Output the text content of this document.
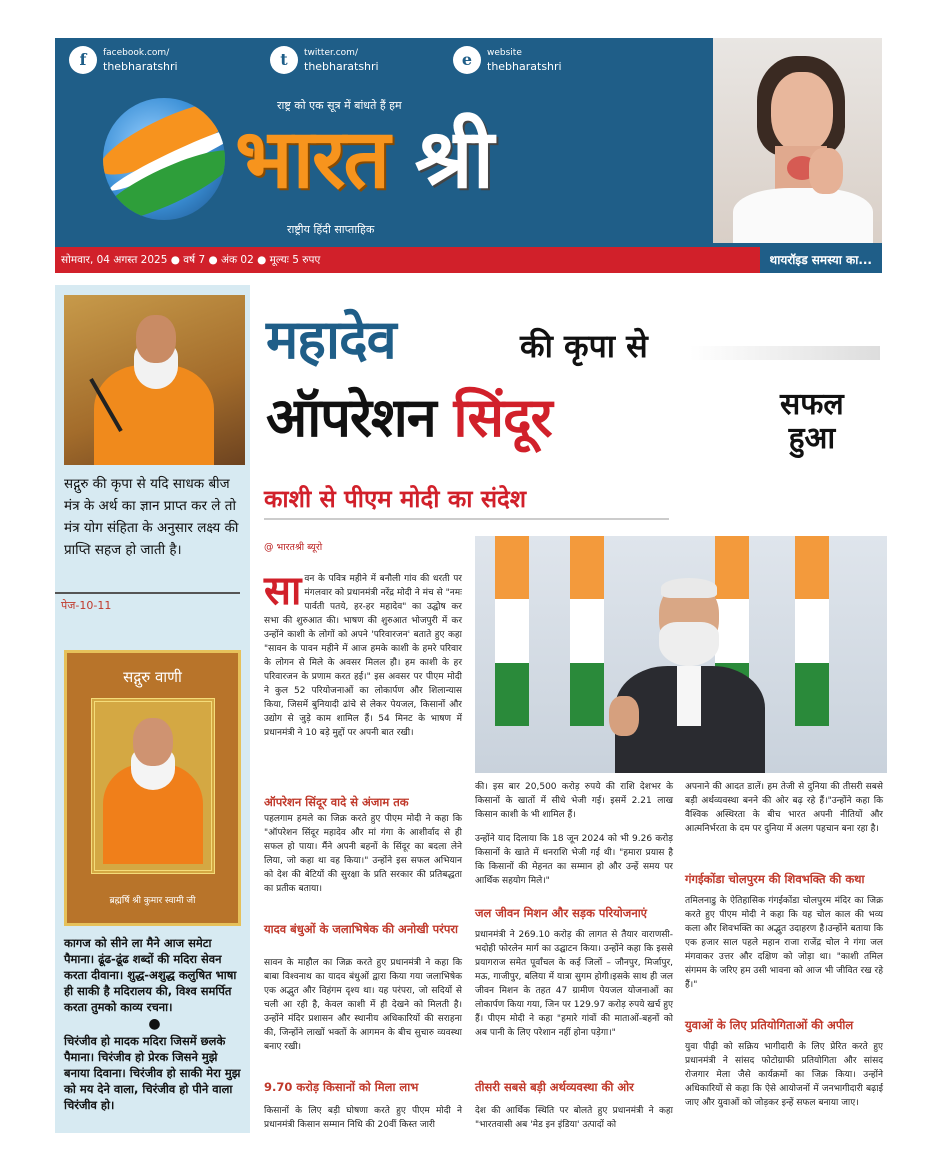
f	facebook.com/
thebharatshri	t	twitter.com/
thebharatshri	e	website
thebharatshri
राष्ट्र को एक सूत्र में बांधते हैं हम
भारत श्री
राष्ट्रीय हिंदी साप्ताहिक
सोमवार, 04 अगस्त 2025 ● वर्ष 7 ● अंक 02 ● मूल्यः 5 रुपए	थायरॉइड समस्या का...
सद्गुरु की कृपा से यदि साधक बीज मंत्र के अर्थ का ज्ञान प्राप्त कर ले तो मंत्र योग संहिता के अनुसार लक्ष्य की प्राप्ति सहज हो जाती है।
पेज-10-11
सद्गुरु वाणी
ब्रह्मर्षि श्री कुमार स्वामी जी
कागज को सीने ला मैने आज समेटा पैमाना। ढूंढ-ढूंढ शब्दों की मदिरा सेवन करता दीवाना। शुद्ध-अशुद्ध कलुषित भाषा ही साकी है मदिरालय की, विश्व समर्पित करता तुमको काव्य रचना।
●
चिरंजीव हो मादक मदिरा जिसमें छलके पैमाना। चिरंजीव हो प्रेरक जिसने मुझे बनाया दिवाना। चिरंजीव हो साकी मेरा मुझ को मय देने वाला, चिरंजीव हो पीने वाला चिरंजीव हो।
महादेव	की कृपा से
ऑपरेशन सिंदूर	सफल
हुआ
काशी से पीएम मोदी का संदेश
@ भारतश्री ब्यूरो
सावन के पवित्र महीने में बनौली गांव की धरती पर मंगलवार को प्रधानमंत्री नरेंद्र मोदी ने मंच से "नमः पार्वती पतये, हर-हर महादेव" का उद्घोष कर सभा की शुरुआत की। भाषण की शुरुआत भोजपुरी में कर उन्होंने काशी के लोगों को अपने 'परिवारजन' बताते हुए कहा "सावन के पावन महीने में आज हमके काशी के हमरे परिवार के लोगन से मिले के अवसर मिलल हौ। हम काशी के हर परिवारजन के प्रणाम करत हई।" इस अवसर पर पीएम मोदी ने कुल 52 परियोजनाओं का लोकार्पण और शिलान्यास किया, जिसमें बुनियादी ढांचे से लेकर पेयजल, किसानों और उद्योग से जुड़े काम शामिल हैं। 54 मिनट के भाषण में प्रधानमंत्री ने 10 बड़े मुद्दों पर अपनी बात रखी।
ऑपरेशन सिंदूर वादे से अंजाम तक
पहलगाम हमले का जिक्र करते हुए पीएम मोदी ने कहा कि "ऑपरेशन सिंदूर महादेव और मां गंगा के आशीर्वाद से ही सफल हो पाया। मैंने अपनी बहनों के सिंदूर का बदला लेने लिया, जो कहा था वह किया।" उन्होंने इस सफल अभियान को देश की बेटियों की सुरक्षा के प्रति सरकार की प्रतिबद्धता का प्रतीक बताया।
यादव बंधुओं के जलाभिषेक की अनोखी परंपरा
सावन के माहौल का जिक्र करते हुए प्रधानमंत्री ने कहा कि बाबा विश्वनाथ का यादव बंधुओं द्वारा किया गया जलाभिषेक एक अद्भुत और विहंगम दृश्य था। यह परंपरा, जो सदियों से चली आ रही है, केवल काशी में ही देखने को मिलती है। उन्होंने मंदिर प्रशासन और स्थानीय अधिकारियों की सराहना की, जिन्होंने लाखों भक्तों के आगमन के बीच सुचारु व्यवस्था बनाए रखी।
9.70 करोड़ किसानों को मिला लाभ
किसानों के लिए बड़ी घोषणा करते हुए पीएम मोदी ने प्रधानमंत्री किसान सम्मान निधि की 20वीं किस्त जारी
की। इस बार 20,500 करोड़ रुपये की राशि देशभर के किसानों के खातों में सीधे भेजी गई। इसमें 2.21 लाख किसान काशी के भी शामिल हैं।
उन्होंने याद दिलाया कि 18 जून 2024 को भी 9.26 करोड़ किसानों के खाते में धनराशि भेजी गई थी। "हमारा प्रयास है कि किसानों की मेहनत का सम्मान हो और उन्हें समय पर आर्थिक सहयोग मिले।"
जल जीवन मिशन और सड़क परियोजनाएं
प्रधानमंत्री ने 269.10 करोड़ की लागत से तैयार वाराणसी-भदोही फोरलेन मार्ग का उद्घाटन किया। उन्होंने कहा कि इससे प्रयागराज समेत पूर्वांचल के कई जिलों – जौनपुर, मिर्जापुर, मऊ, गाजीपुर, बलिया में यात्रा सुगम होगी।इसके साथ ही जल जीवन मिशन के तहत 47 ग्रामीण पेयजल योजनाओं का लोकार्पण किया गया, जिन पर 129.97 करोड़ रुपये खर्च हुए हैं। पीएम मोदी ने कहा "हमारे गांवों की माताओं-बहनों को अब पानी के लिए परेशान नहीं होना पड़ेगा।"
तीसरी सबसे बड़ी अर्थव्यवस्था की ओर
देश की आर्थिक स्थिति पर बोलते हुए प्रधानमंत्री ने कहा "भारतवासी अब 'मेड इन इंडिया' उत्पादों को
अपनाने की आदत डालें। हम तेजी से दुनिया की तीसरी सबसे बड़ी अर्थव्यवस्था बनने की ओर बढ़ रहे हैं।"उन्होंने कहा कि वैश्विक अस्थिरता के बीच भारत अपनी नीतियों और आत्मनिर्भरता के दम पर दुनिया में अलग पहचान बना रहा है।
गंगईकोंडा चोलपुरम की शिवभक्ति की कथा
तमिलनाडु के ऐतिहासिक गंगईकोंडा चोलपुरम मंदिर का जिक्र करते हुए पीएम मोदी ने कहा कि यह चोल काल की भव्य कला और शिवभक्ति का अद्भुत उदाहरण है।उन्होंने बताया कि एक हजार साल पहले महान राजा राजेंद्र चोल ने गंगा जल मंगवाकर उत्तर और दक्षिण को जोड़ा था। "काशी तमिल संगमम के जरिए हम उसी भावना को आज भी जीवित रख रहे हैं।"
युवाओं के लिए प्रतियोगिताओं की अपील
युवा पीढ़ी को सक्रिय भागीदारी के लिए प्रेरित करते हुए प्रधानमंत्री ने सांसद फोटोग्राफी प्रतियोगिता और सांसद रोजगार मेला जैसे कार्यक्रमों का जिक्र किया। उन्होंने अधिकारियों से कहा कि ऐसे आयोजनों में जनभागीदारी बढ़ाई जाए और युवाओं को जोड़कर इन्हें सफल बनाया जाए।
